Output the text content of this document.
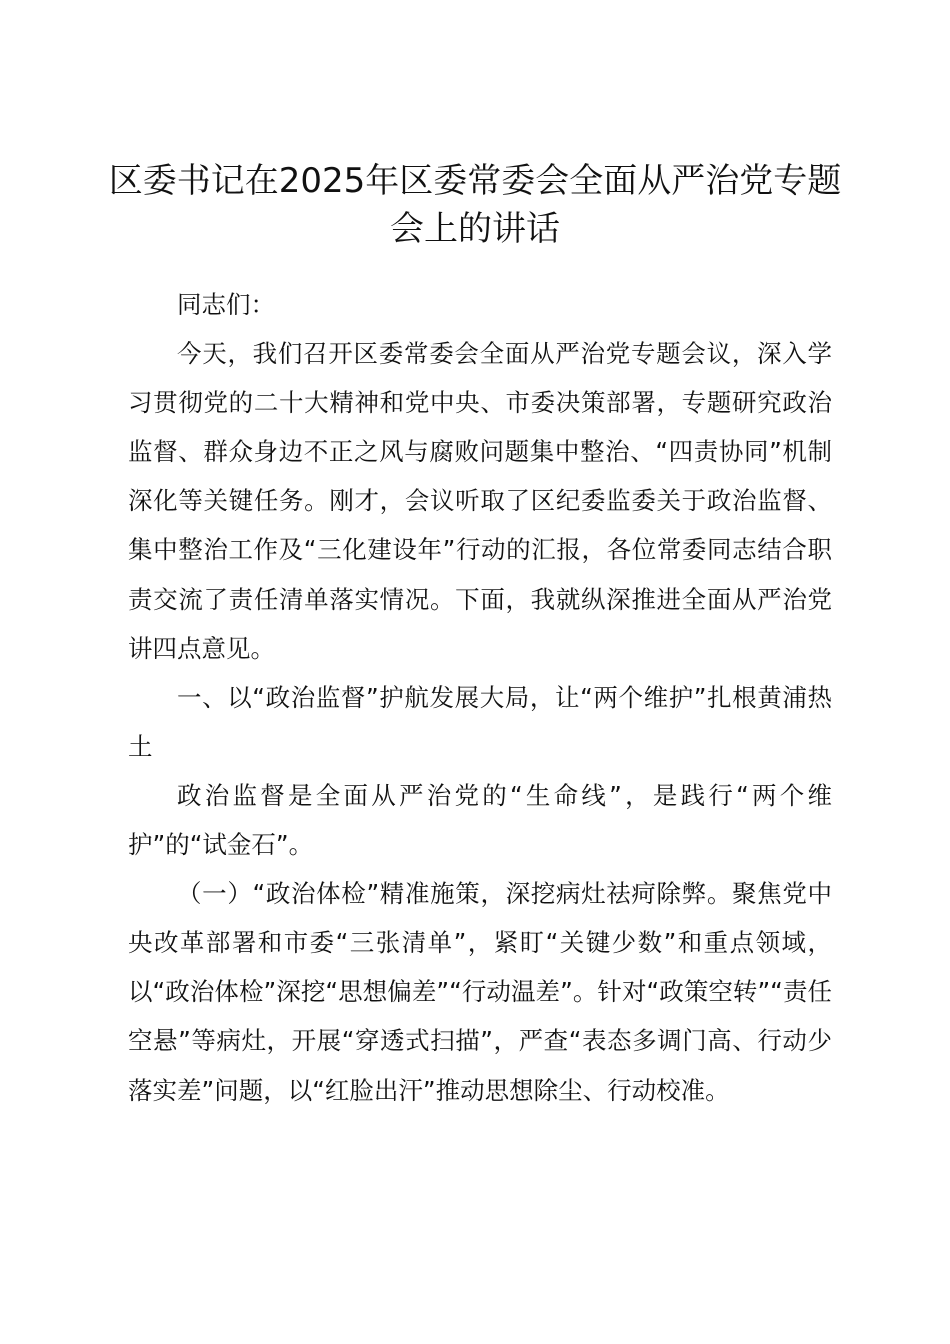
区委书记在2025年区委常委会全面从严治党专题会上的讲话

同志们：

今天，我们召开区委常委会全面从严治党专题会议，深入学习贯彻党的二十大精神和党中央、市委决策部署，专题研究政治监督、群众身边不正之风与腐败问题集中整治、“四责协同”机制深化等关键任务。刚才，会议听取了区纪委监委关于政治监督、集中整治工作及“三化建设年”行动的汇报，各位常委同志结合职责交流了责任清单落实情况。下面，我就纵深推进全面从严治党讲四点意见。

一、以“政治监督”护航发展大局，让“两个维护”扎根黄浦热土

政治监督是全面从严治党的“生命线”，是践行“两个维护”的“试金石”。

（一）“政治体检”精准施策，深挖病灶祛疴除弊。聚焦党中央改革部署和市委“三张清单”，紧盯“关键少数”和重点领域，以“政治体检”深挖“思想偏差”“行动温差”。针对“政策空转”“责任空悬”等病灶，开展“穿透式扫描”，严查“表态多调门高、行动少落实差”问题，以“红脸出汗”推动思想除尘、行动校准。
